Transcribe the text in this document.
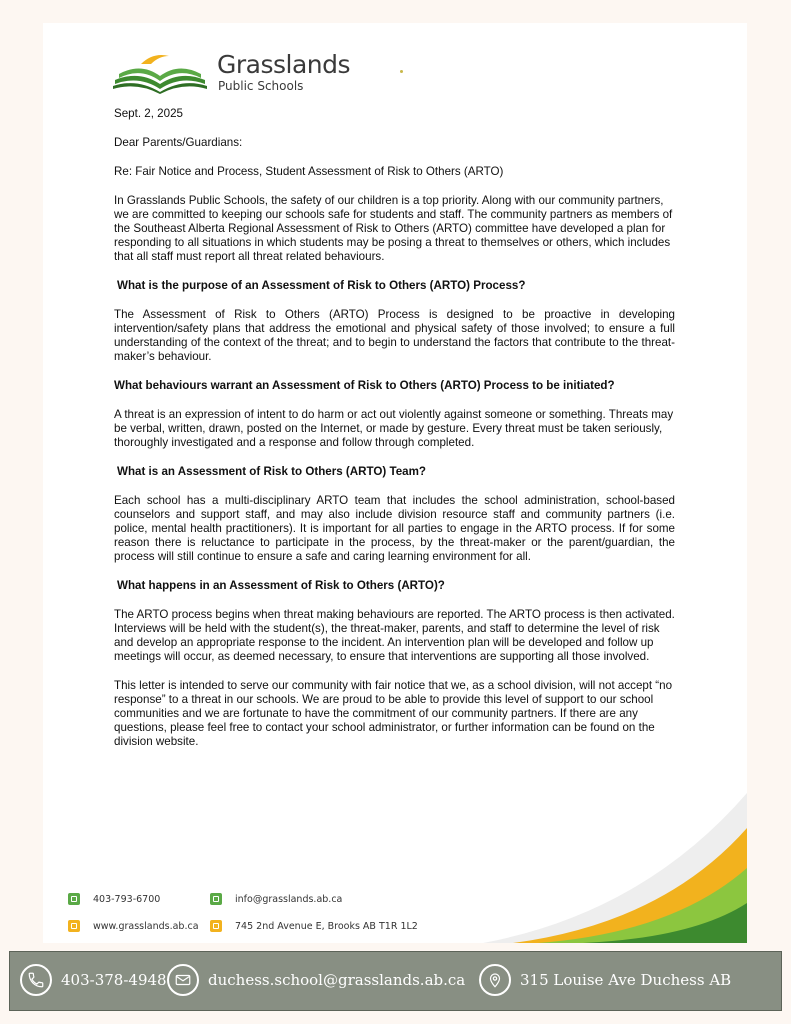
Grasslands
Public Schools

Sept. 2, 2025

Dear Parents/Guardians:

Re: Fair Notice and Process, Student Assessment of Risk to Others (ARTO)

In Grasslands Public Schools, the safety of our children is a top priority. Along with our community partners, we are committed to keeping our schools safe for students and staff. The community partners as members of the Southeast Alberta Regional Assessment of Risk to Others (ARTO) committee have developed a plan for responding to all situations in which students may be posing a threat to themselves or others, which includes that all staff must report all threat related behaviours.

What is the purpose of an Assessment of Risk to Others (ARTO) Process?

The Assessment of Risk to Others (ARTO) Process is designed to be proactive in developing intervention/safety plans that address the emotional and physical safety of those involved; to ensure a full understanding of the context of the threat; and to begin to understand the factors that contribute to the threat-maker’s behaviour.

What behaviours warrant an Assessment of Risk to Others (ARTO) Process to be initiated?

A threat is an expression of intent to do harm or act out violently against someone or something. Threats may be verbal, written, drawn, posted on the Internet, or made by gesture. Every threat must be taken seriously, thoroughly investigated and a response and follow through completed.

What is an Assessment of Risk to Others (ARTO) Team?

Each school has a multi-disciplinary ARTO team that includes the school administration, school-based counselors and support staff, and may also include division resource staff and community partners (i.e. police, mental health practitioners). It is important for all parties to engage in the ARTO process. If for some reason there is reluctance to participate in the process, by the threat-maker or the parent/guardian, the process will still continue to ensure a safe and caring learning environment for all.

What happens in an Assessment of Risk to Others (ARTO)?

The ARTO process begins when threat making behaviours are reported. The ARTO process is then activated. Interviews will be held with the student(s), the threat-maker, parents, and staff to determine the level of risk and develop an appropriate response to the incident. An intervention plan will be developed and follow up meetings will occur, as deemed necessary, to ensure that interventions are supporting all those involved.

This letter is intended to serve our community with fair notice that we, as a school division, will not accept “no response” to a threat in our schools. We are proud to be able to provide this level of support to our school communities and we are fortunate to have the commitment of our community partners. If there are any questions, please feel free to contact your school administrator, or further information can be found on the division website.

403-793-6700	info@grasslands.ab.ca
www.grasslands.ab.ca	745 2nd Avenue E, Brooks AB T1R 1L2
403-378-4948	duchess.school@grasslands.ab.ca	315 Louise Ave Duchess AB
